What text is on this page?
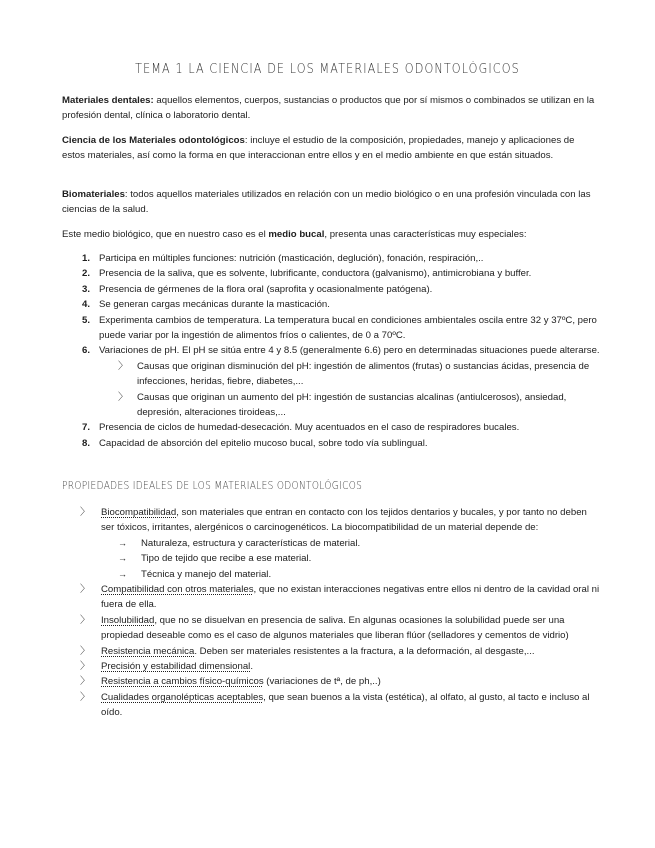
TEMA 1 LA CIENCIA DE LOS MATERIALES ODONTOLÓGICOS

Materiales dentales: aquellos elementos, cuerpos, sustancias o productos que por sí mismos o combinados se utilizan en la profesión dental, clínica o laboratorio dental.

Ciencia de los Materiales odontológicos: incluye el estudio de la composición, propiedades, manejo y aplicaciones de estos materiales, así como la forma en que interaccionan entre ellos y en el medio ambiente en que están situados.

Biomateriales: todos aquellos materiales utilizados en relación con un medio biológico o en una profesión vinculada con las ciencias de la salud.

Este medio biológico, que en nuestro caso es el medio bucal, presenta unas características muy especiales:

1. Participa en múltiples funciones: nutrición (masticación, deglución), fonación, respiración,..
2. Presencia de la saliva, que es solvente, lubrificante, conductora (galvanismo), antimicrobiana y buffer.
3. Presencia de gérmenes de la flora oral (saprofita y ocasionalmente patógena).
4. Se generan cargas mecánicas durante la masticación.
5. Experimenta cambios de temperatura. La temperatura bucal en condiciones ambientales oscila entre 32 y 37ºC, pero puede variar por la ingestión de alimentos fríos o calientes, de 0 a 70ºC.
6. Variaciones de pH. El pH se sitúa entre 4 y 8.5 (generalmente 6.6) pero en determinadas situaciones puede alterarse.
〉 Causas que originan disminución del pH: ingestión de alimentos (frutas) o sustancias ácidas, presencia de infecciones, heridas, fiebre, diabetes,...
〉 Causas que originan un aumento del pH: ingestión de sustancias alcalinas (antiulcerosos), ansiedad, depresión, alteraciones tiroideas,...
7. Presencia de ciclos de humedad-desecación. Muy acentuados en el caso de respiradores bucales.
8. Capacidad de absorción del epitelio mucoso bucal, sobre todo vía sublingual.
PROPIEDADES IDEALES DE LOS MATERIALES ODONTOLÓGICOS
〉 Biocompatibilidad, son materiales que entran en contacto con los tejidos dentarios y bucales, y por tanto no deben ser tóxicos, irritantes, alergénicos o carcinogenéticos. La biocompatibilidad de un material depende de:
→ Naturaleza, estructura y características de material.
→ Tipo de tejido que recibe a ese material.
→ Técnica y manejo del material.
〉 Compatibilidad con otros materiales, que no existan interacciones negativas entre ellos ni dentro de la cavidad oral ni fuera de ella.
〉 Insolubilidad, que no se disuelvan en presencia de saliva. En algunas ocasiones la solubilidad puede ser una propiedad deseable como es el caso de algunos materiales que liberan flúor (selladores y cementos de vidrio)
〉 Resistencia mecánica. Deben ser materiales resistentes a la fractura, a la deformación, al desgaste,...
〉 Precisión y estabilidad dimensional.
〉 Resistencia a cambios físico-químicos (variaciones de tª, de ph,..)
〉 Cualidades organolépticas aceptables, que sean buenos a la vista (estética), al olfato, al gusto, al tacto e incluso al oído.
